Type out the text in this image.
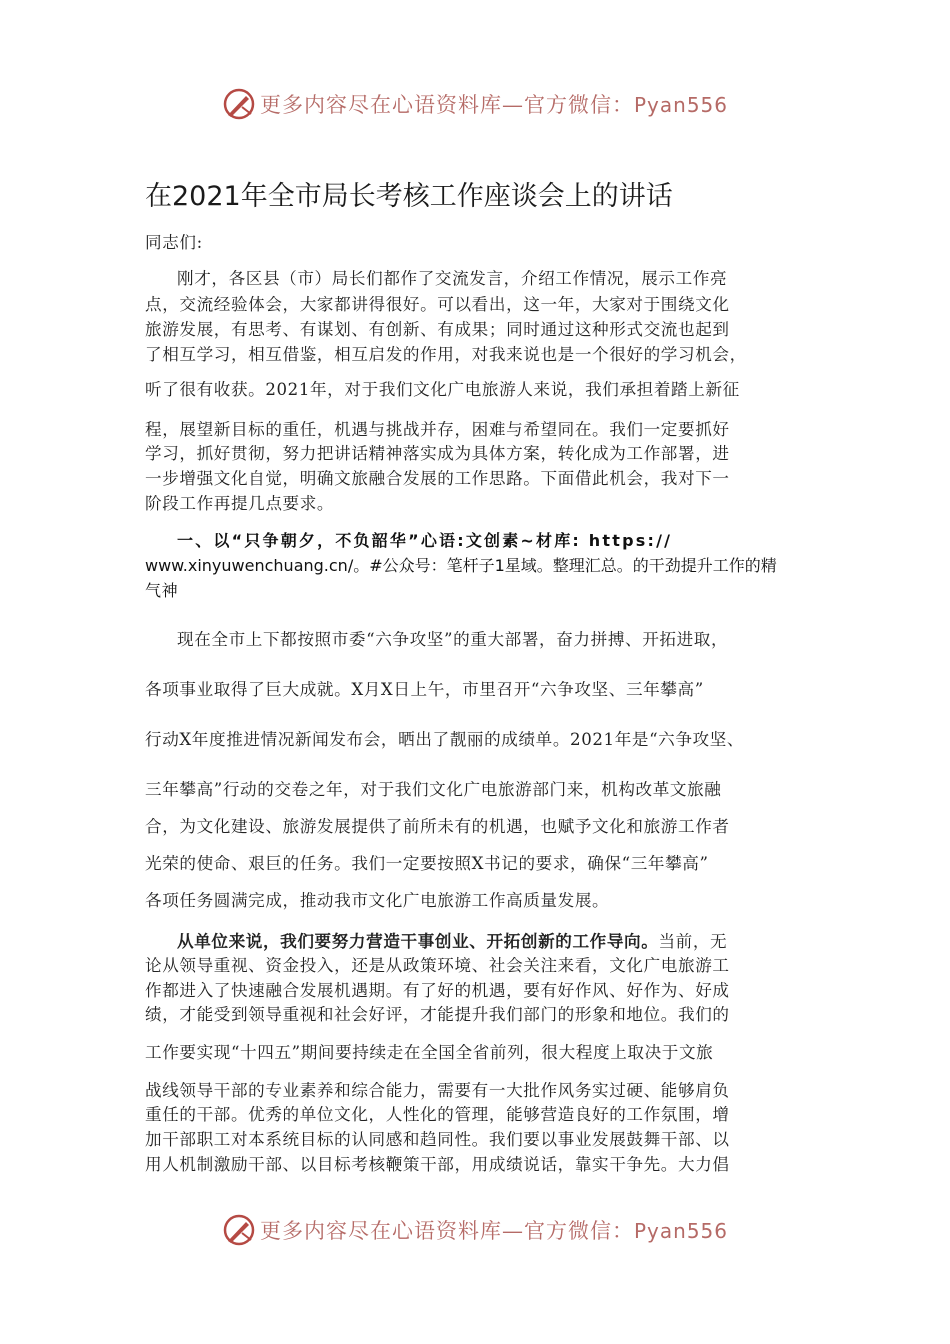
更多内容尽在心语资料库—官方微信：Pyan556
在2021年全市局长考核工作座谈会上的讲话
同志们:
刚才，各区县（市）局长们都作了交流发言，介绍工作情况，展示工作亮
点，交流经验体会，大家都讲得很好。可以看出，这一年，大家对于围绕文化
旅游发展，有思考、有谋划、有创新、有成果；同时通过这种形式交流也起到
了相互学习，相互借鉴，相互启发的作用，对我来说也是一个很好的学习机会，
听了很有收获。2021年，对于我们文化广电旅游人来说，我们承担着踏上新征
程，展望新目标的重任，机遇与挑战并存，困难与希望同在。我们一定要抓好
学习，抓好贯彻，努力把讲话精神落实成为具体方案，转化成为工作部署，进
一步增强文化自觉，明确文旅融合发展的工作思路。下面借此机会，我对下一
阶段工作再提几点要求。
一、以“只争朝夕，不负韶华”心语:文创素~材库: https://
www.xinyuwenchuang.cn/。#公众号：笔杆子1星域。整理汇总。的干劲提升工作的精
气神
现在全市上下都按照市委“六争攻坚”的重大部署，奋力拼搏、开拓进取，
各项事业取得了巨大成就。X月X日上午，市里召开“六争攻坚、三年攀高”
行动X年度推进情况新闻发布会，晒出了靓丽的成绩单。2021年是“六争攻坚、
三年攀高”行动的交卷之年，对于我们文化广电旅游部门来，机构改革文旅融
合，为文化建设、旅游发展提供了前所未有的机遇，也赋予文化和旅游工作者
光荣的使命、艰巨的任务。我们一定要按照X书记的要求，确保“三年攀高”
各项任务圆满完成，推动我市文化广电旅游工作高质量发展。
从单位来说，我们要努力营造干事创业、开拓创新的工作导向。当前，无
论从领导重视、资金投入，还是从政策环境、社会关注来看，文化广电旅游工
作都进入了快速融合发展机遇期。有了好的机遇，要有好作风、好作为、好成
绩，才能受到领导重视和社会好评，才能提升我们部门的形象和地位。我们的
工作要实现“十四五”期间要持续走在全国全省前列，很大程度上取决于文旅
战线领导干部的专业素养和综合能力，需要有一大批作风务实过硬、能够肩负
重任的干部。优秀的单位文化，人性化的管理，能够营造良好的工作氛围，增
加干部职工对本系统目标的认同感和趋同性。我们要以事业发展鼓舞干部、以
用人机制激励干部、以目标考核鞭策干部，用成绩说话，靠实干争先。大力倡
更多内容尽在心语资料库—官方微信：Pyan556
